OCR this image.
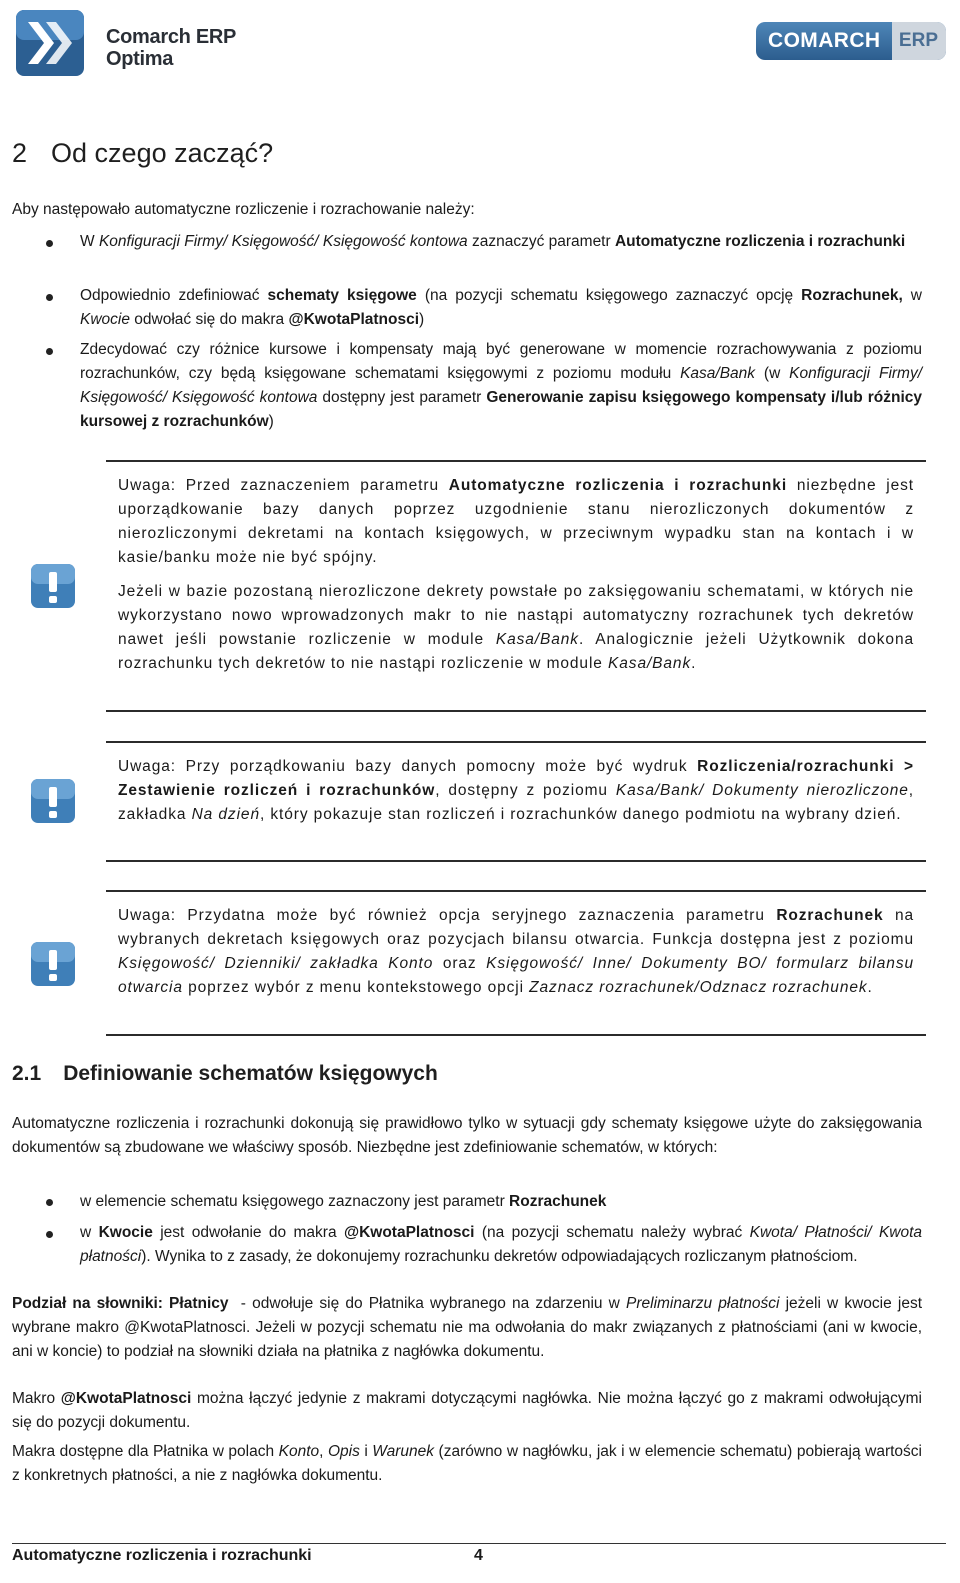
Comarch ERP
Optima
COMARCH ERP
2 Od czego zacząć?
Aby następowało automatyczne rozliczenie i rozrachowanie należy:
W Konfiguracji Firmy/ Księgowość/ Księgowość kontowa zaznaczyć parametr Automatyczne rozliczenia i rozrachunki
Odpowiednio zdefiniować schematy księgowe (na pozycji schematu księgowego zaznaczyć opcję Rozrachunek, w Kwocie odwołać się do makra @KwotaPlatnosci)
Zdecydować czy różnice kursowe i kompensaty mają być generowane w momencie rozrachowywania z poziomu rozrachunków, czy będą księgowane schematami księgowymi z poziomu modułu Kasa/Bank (w Konfiguracji Firmy/ Księgowość/ Księgowość kontowa dostępny jest parametr Generowanie zapisu księgowego kompensaty i/lub różnicy kursowej z rozrachunków)
Uwaga: Przed zaznaczeniem parametru Automatyczne rozliczenia i rozrachunki niezbędne jest uporządkowanie bazy danych poprzez uzgodnienie stanu nierozliczonych dokumentów z nierozliczonymi dekretami na kontach księgowych, w przeciwnym wypadku stan na kontach i w kasie/banku może nie być spójny.
Jeżeli w bazie pozostaną nierozliczone dekrety powstałe po zaksięgowaniu schematami, w których nie wykorzystano nowo wprowadzonych makr to nie nastąpi automatyczny rozrachunek tych dekretów nawet jeśli powstanie rozliczenie w module Kasa/Bank. Analogicznie jeżeli Użytkownik dokona rozrachunku tych dekretów to nie nastąpi rozliczenie w module Kasa/Bank.
Uwaga: Przy porządkowaniu bazy danych pomocny może być wydruk Rozliczenia/rozrachunki > Zestawienie rozliczeń i rozrachunków, dostępny z poziomu Kasa/Bank/ Dokumenty nierozliczone, zakładka Na dzień, który pokazuje stan rozliczeń i rozrachunków danego podmiotu na wybrany dzień.
Uwaga: Przydatna może być również opcja seryjnego zaznaczenia parametru Rozrachunek na wybranych dekretach księgowych oraz pozycjach bilansu otwarcia. Funkcja dostępna jest z poziomu Księgowość/ Dzienniki/ zakładka Konto oraz Księgowość/ Inne/ Dokumenty BO/ formularz bilansu otwarcia poprzez wybór z menu kontekstowego opcji Zaznacz rozrachunek/Odznacz rozrachunek.
2.1 Definiowanie schematów księgowych
Automatyczne rozliczenia i rozrachunki dokonują się prawidłowo tylko w sytuacji gdy schematy księgowe użyte do zaksięgowania dokumentów są zbudowane we właściwy sposób. Niezbędne jest zdefiniowanie schematów, w których:
w elemencie schematu księgowego zaznaczony jest parametr Rozrachunek
w Kwocie jest odwołanie do makra @KwotaPlatnosci (na pozycji schematu należy wybrać Kwota/ Płatności/ Kwota płatności). Wynika to z zasady, że dokonujemy rozrachunku dekretów odpowiadających rozliczanym płatnościom.
Podział na słowniki: Płatnicy  - odwołuje się do Płatnika wybranego na zdarzeniu w Preliminarzu płatności jeżeli w kwocie jest wybrane makro @KwotaPlatnosci. Jeżeli w pozycji schematu nie ma odwołania do makr związanych z płatnościami (ani w kwocie, ani w koncie) to podział na słowniki działa na płatnika z nagłówka dokumentu.
Makro @KwotaPlatnosci można łączyć jedynie z makrami dotyczącymi nagłówka. Nie można łączyć go z makrami odwołującymi się do pozycji dokumentu.
Makra dostępne dla Płatnika w polach Konto, Opis i Warunek (zarówno w nagłówku, jak i w elemencie schematu) pobierają wartości z konkretnych płatności, a nie z nagłówka dokumentu.
Automatyczne rozliczenia i rozrachunki	4
